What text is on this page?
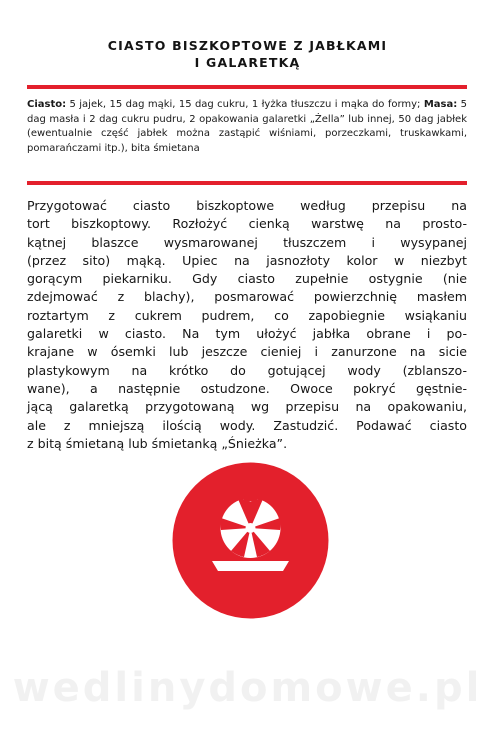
CIASTO BISZKOPTOWE Z JABŁKAMI
I GALARETKĄ
Ciasto: 5 jajek, 15 dag mąki, 15 dag cukru, 1 łyżka tłuszczu i mąka do formy; Masa: 5 dag masła i 2 dag cukru pudru, 2 opakowania galaretki „Żella” lub innej, 50 dag jabłek (ewentualnie część jabłek można zastąpić wiśniami, porzeczkami, truskawkami, pomarańczami itp.), bita śmietana
Przygotować ciasto biszkoptowe według przepisu na
tort biszkoptowy. Rozłożyć cienką warstwę na prosto-
kątnej blaszce wysmarowanej tłuszczem i wysypanej
(przez sito) mąką. Upiec na jasnozłoty kolor w niezbyt
gorącym piekarniku. Gdy ciasto zupełnie ostygnie (nie
zdejmować z blachy), posmarować powierzchnię masłem
roztartym z cukrem pudrem, co zapobiegnie wsiąkaniu
galaretki w ciasto. Na tym ułożyć jabłka obrane i po-
krajane w ósemki lub jeszcze cieniej i zanurzone na sicie
plastykowym na krótko do gotującej wody (zblanszo-
wane), a następnie ostudzone. Owoce pokryć gęstnie-
jącą galaretką przygotowaną wg przepisu na opakowaniu,
ale z mniejszą ilością wody. Zastudzić. Podawać ciasto
z bitą śmietaną lub śmietanką „Śnieżka”.
wedlinydomowe.pl
